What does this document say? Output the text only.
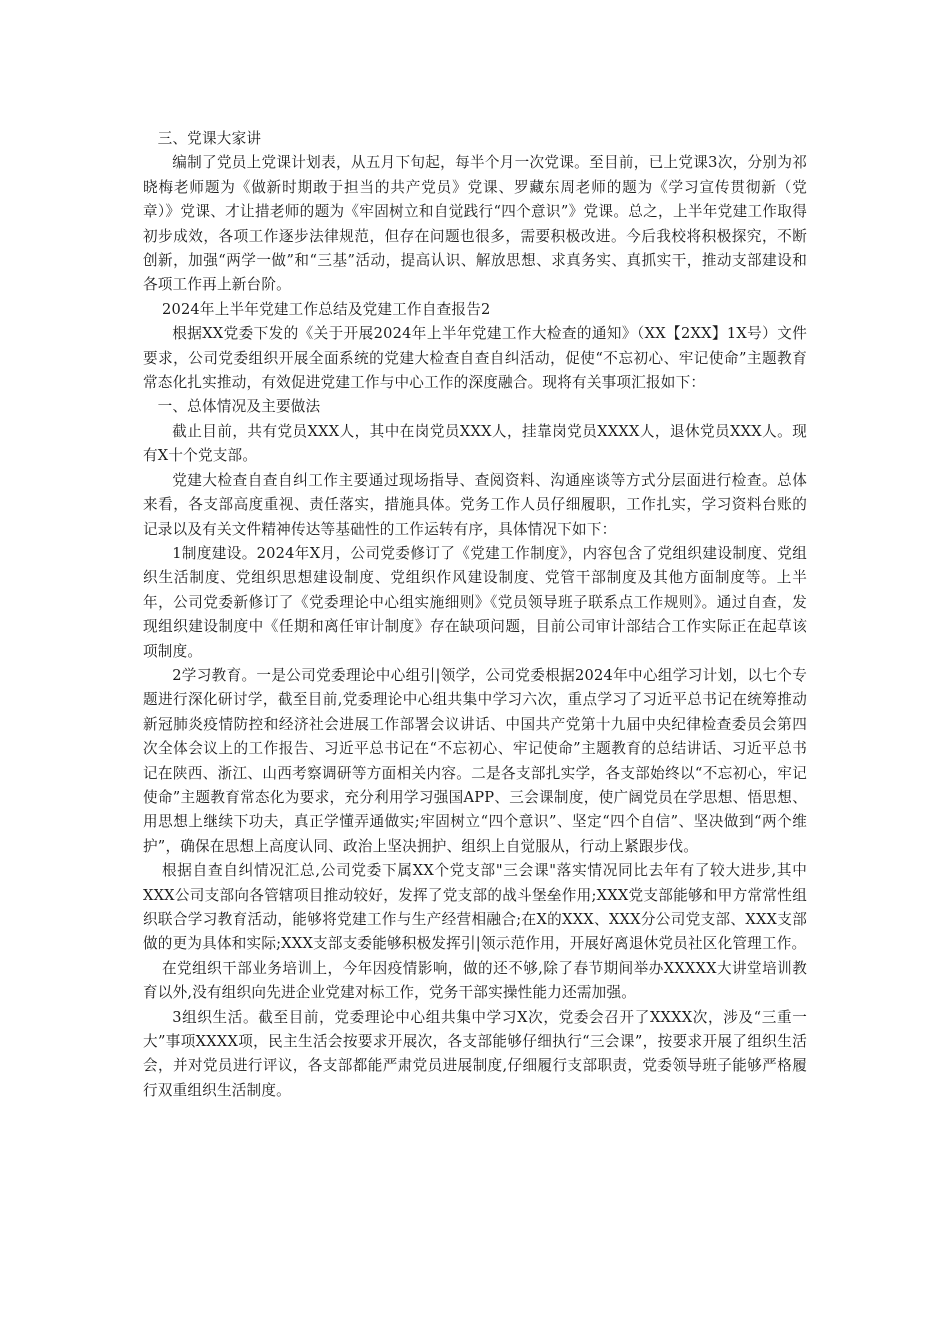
三、党课大家讲

编制了党员上党课计划表，从五月下旬起，每半个月一次党课。至目前，已上党课3次，分别为祁晓梅老师题为《做新时期敢于担当的共产党员》党课、罗藏东周老师的题为《学习宣传贯彻新（党章）》党课、才让措老师的题为《牢固树立和自觉践行“四个意识”》党课。总之，上半年党建工作取得初步成效，各项工作逐步法律规范，但存在问题也很多，需要积极改进。今后我校将积极探究，不断创新，加强“两学一做”和“三基”活动，提高认识、解放思想、求真务实、真抓实干，推动支部建设和各项工作再上新台阶。

2024年上半年党建工作总结及党建工作自查报告2

根据XX党委下发的《关于开展2024年上半年党建工作大检查的通知》（XX【2XX】1X号）文件要求，公司党委组织开展全面系统的党建大检查自查自纠活动，促使“不忘初心、牢记使命”主题教育常态化扎实推动，有效促进党建工作与中心工作的深度融合。现将有关事项汇报如下：

一、总体情况及主要做法

截止目前，共有党员XXX人，其中在岗党员XXX人，挂靠岗党员XXXX人，退休党员XXX人。现有X十个党支部。

党建大检查自查自纠工作主要通过现场指导、查阅资料、沟通座谈等方式分层面进行检查。总体来看，各支部高度重视、责任落实，措施具体。党务工作人员仔细履职，工作扎实，学习资料台账的记录以及有关文件精神传达等基础性的工作运转有序，具体情况下如下：

1制度建设。2024年X月，公司党委修订了《党建工作制度》，内容包含了党组织建设制度、党组织生活制度、党组织思想建设制度、党组织作风建设制度、党管干部制度及其他方面制度等。上半年，公司党委新修订了《党委理论中心组实施细则》《党员领导班子联系点工作规则》。通过自查，发现组织建设制度中《任期和离任审计制度》存在缺项问题，目前公司审计部结合工作实际正在起草该项制度。

2学习教育。一是公司党委理论中心组引|领学，公司党委根据2024年中心组学习计划，以七个专题进行深化研讨学，截至目前,党委理论中心组共集中学习六次，重点学习了习近平总书记在统筹推动新冠肺炎疫情防控和经济社会进展工作部署会议讲话、中国共产党第十九届中央纪律检查委员会第四次全体会议上的工作报告、习近平总书记在“不忘初心、牢记使命”主题教育的总结讲话、习近平总书记在陕西、浙江、山西考察调研等方面相关内容。二是各支部扎实学，各支部始终以“不忘初心，牢记使命”主题教育常态化为要求，充分利用学习强国APP、三会课制度，使广阔党员在学思想、悟思想、用思想上继续下功夫，真正学懂弄通做实;牢固树立“四个意识”、坚定“四个自信”、坚决做到“两个维护”，确保在思想上高度认同、政治上坚决拥护、组织上自觉服从，行动上紧跟步伐。

根据自查自纠情况汇总,公司党委下属XX个党支部"三会课"落实情况同比去年有了较大进步,其中XXX公司支部向各管辖项目推动较好，发挥了党支部的战斗堡垒作用;XXX党支部能够和甲方常常性组织联合学习教育活动，能够将党建工作与生产经营相融合;在X的XXX、XXX分公司党支部、XXX支部做的更为具体和实际;XXX支部支委能够积极发挥引|领示范作用，开展好离退休党员社区化管理工作。

在党组织干部业务培训上，今年因疫情影响，做的还不够,除了春节期间举办XXXXX大讲堂培训教育以外,没有组织向先进企业党建对标工作，党务干部实操性能力还需加强。

3组织生活。截至目前，党委理论中心组共集中学习X次，党委会召开了XXXX次，涉及“三重一大”事项XXXX项，民主生活会按要求开展次，各支部能够仔细执行“三会课”，按要求开展了组织生活会，并对党员进行评议，各支部都能严肃党员进展制度,仔细履行支部职责，党委领导班子能够严格履行双重组织生活制度。
